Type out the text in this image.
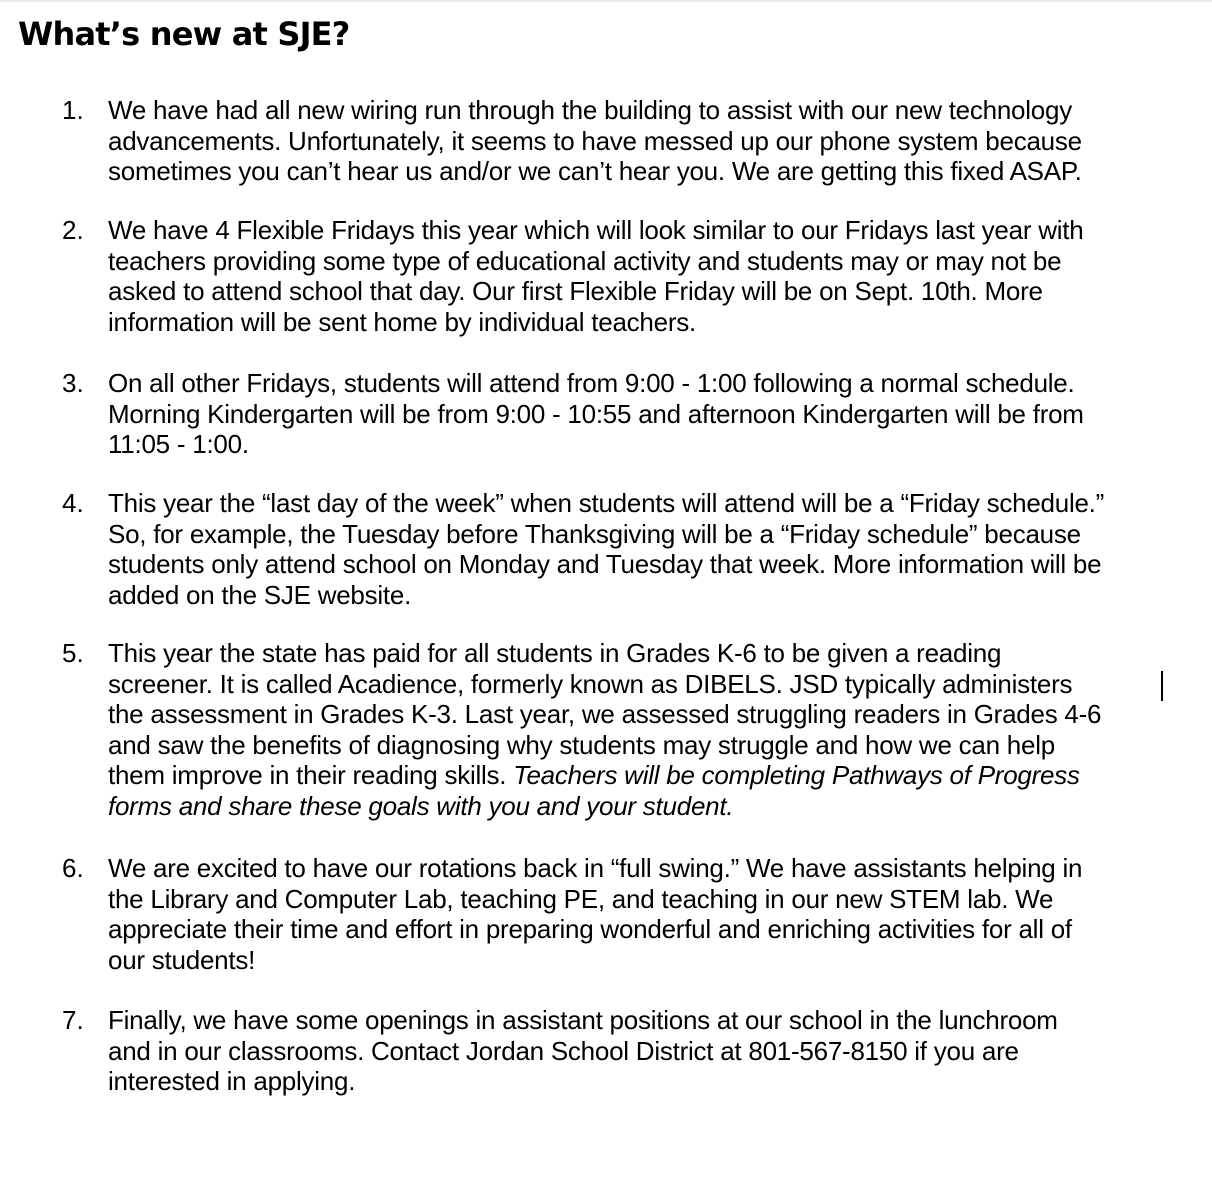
What’s new at SJE?
1. We have had all new wiring run through the building to assist with our new technology
advancements. Unfortunately, it seems to have messed up our phone system because
sometimes you can’t hear us and/or we can’t hear you. We are getting this fixed ASAP.
2. We have 4 Flexible Fridays this year which will look similar to our Fridays last year with
teachers providing some type of educational activity and students may or may not be
asked to attend school that day. Our first Flexible Friday will be on Sept. 10th. More
information will be sent home by individual teachers.
3. On all other Fridays, students will attend from 9:00 - 1:00 following a normal schedule.
Morning Kindergarten will be from 9:00 - 10:55 and afternoon Kindergarten will be from
11:05 - 1:00.
4. This year the “last day of the week” when students will attend will be a “Friday schedule.”
So, for example, the Tuesday before Thanksgiving will be a “Friday schedule” because
students only attend school on Monday and Tuesday that week. More information will be
added on the SJE website.
5. This year the state has paid for all students in Grades K-6 to be given a reading
screener. It is called Acadience, formerly known as DIBELS. JSD typically administers
the assessment in Grades K-3. Last year, we assessed struggling readers in Grades 4-6
and saw the benefits of diagnosing why students may struggle and how we can help
them improve in their reading skills. Teachers will be completing Pathways of Progress
forms and share these goals with you and your student.
6. We are excited to have our rotations back in “full swing.” We have assistants helping in
the Library and Computer Lab, teaching PE, and teaching in our new STEM lab. We
appreciate their time and effort in preparing wonderful and enriching activities for all of
our students!
7. Finally, we have some openings in assistant positions at our school in the lunchroom
and in our classrooms. Contact Jordan School District at 801-567-8150 if you are
interested in applying.
